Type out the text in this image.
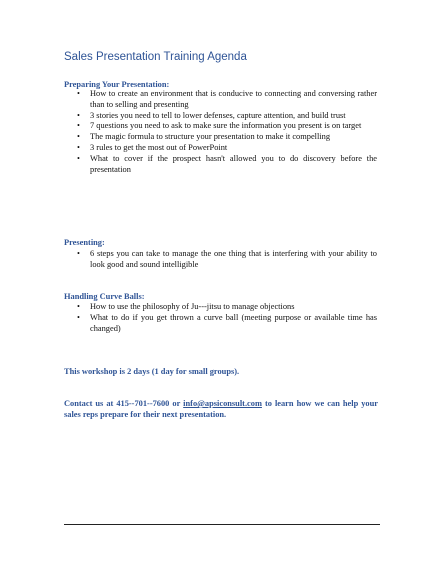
Sales Presentation Training Agenda
Preparing Your Presentation:
• How to create an environment that is conducive to connecting and conversing rather than to selling and presenting
• 3 stories you need to tell to lower defenses, capture attention, and build trust
• 7 questions you need to ask to make sure the information you present is on target
• The magic formula to structure your presentation to make it compelling
• 3 rules to get the most out of PowerPoint
• What to cover if the prospect hasn't allowed you to do discovery before the presentation
Presenting:
• 6 steps you can take to manage the one thing that is interfering with your ability to look good and sound intelligible
Handling Curve Balls:
• How to use the philosophy of Ju---jitsu to manage objections
• What to do if you get thrown a curve ball (meeting purpose or available time has changed)
This workshop is 2 days (1 day for small groups).
Contact us at 415--701--7600 or info@apsiconsult.com to learn how we can help your sales reps prepare for their next presentation.
